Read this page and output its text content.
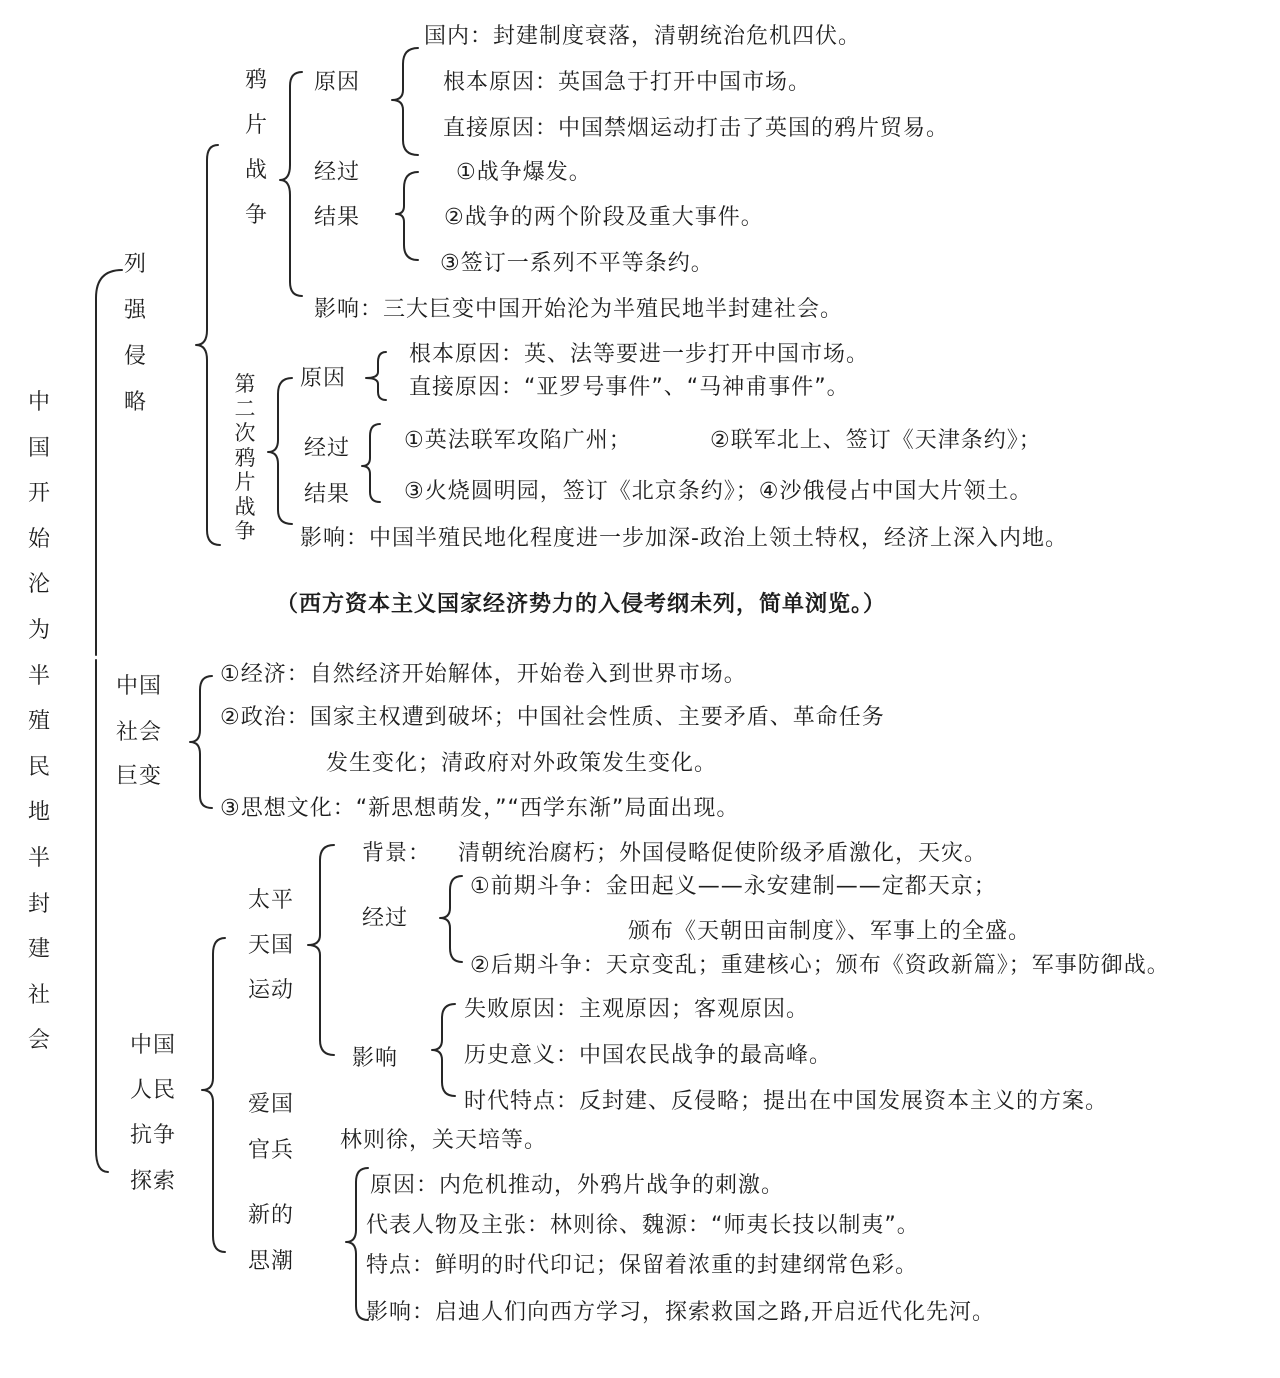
中国开始沦为半殖民地半封建社会
列强侵略
鸦片战争
原因
国内：封建制度衰落，清朝统治危机四伏。
根本原因：英国急于打开中国市场。
直接原因：中国禁烟运动打击了英国的鸦片贸易。
经过
结果
①战争爆发。
②战争的两个阶段及重大事件。
③签订一系列不平等条约。
影响：三大巨变中国开始沦为半殖民地半封建社会。
第二次鸦片战争
原因
根本原因：英、法等要进一步打开中国市场。
直接原因：“亚罗号事件”、“马神甫事件”。
经过
结果
①英法联军攻陷广州；	②联军北上、签订《天津条约》；
③火烧圆明园，签订《北京条约》；④沙俄侵占中国大片领土。
影响：中国半殖民地化程度进一步加深-政治上领土特权，经济上深入内地。
（西方资本主义国家经济势力的入侵考纲未列，简单浏览。）
中国
社会
巨变
①经济：自然经济开始解体，开始卷入到世界市场。
②政治：国家主权遭到破坏；中国社会性质、主要矛盾、革命任务
发生变化；清政府对外政策发生变化。
③思想文化：“新思想萌发，”“西学东渐”局面出现。
中国
人民
抗争
探索
太平
天国
运动
背景： 清朝统治腐朽；外国侵略促使阶级矛盾激化，天灾。
经过
①前期斗争：金田起义——永安建制——定都天京；
颁布《天朝田亩制度》、军事上的全盛。
②后期斗争：天京变乱；重建核心；颁布《资政新篇》；军事防御战。
影响
失败原因：主观原因；客观原因。
历史意义：中国农民战争的最高峰。
时代特点：反封建、反侵略；提出在中国发展资本主义的方案。
爱国
官兵 林则徐，关天培等。
新的
思潮
原因：内危机推动，外鸦片战争的刺激。
代表人物及主张：林则徐、魏源：“师夷长技以制夷”。
特点：鲜明的时代印记；保留着浓重的封建纲常色彩。
影响：启迪人们向西方学习，探索救国之路,开启近代化先河。
